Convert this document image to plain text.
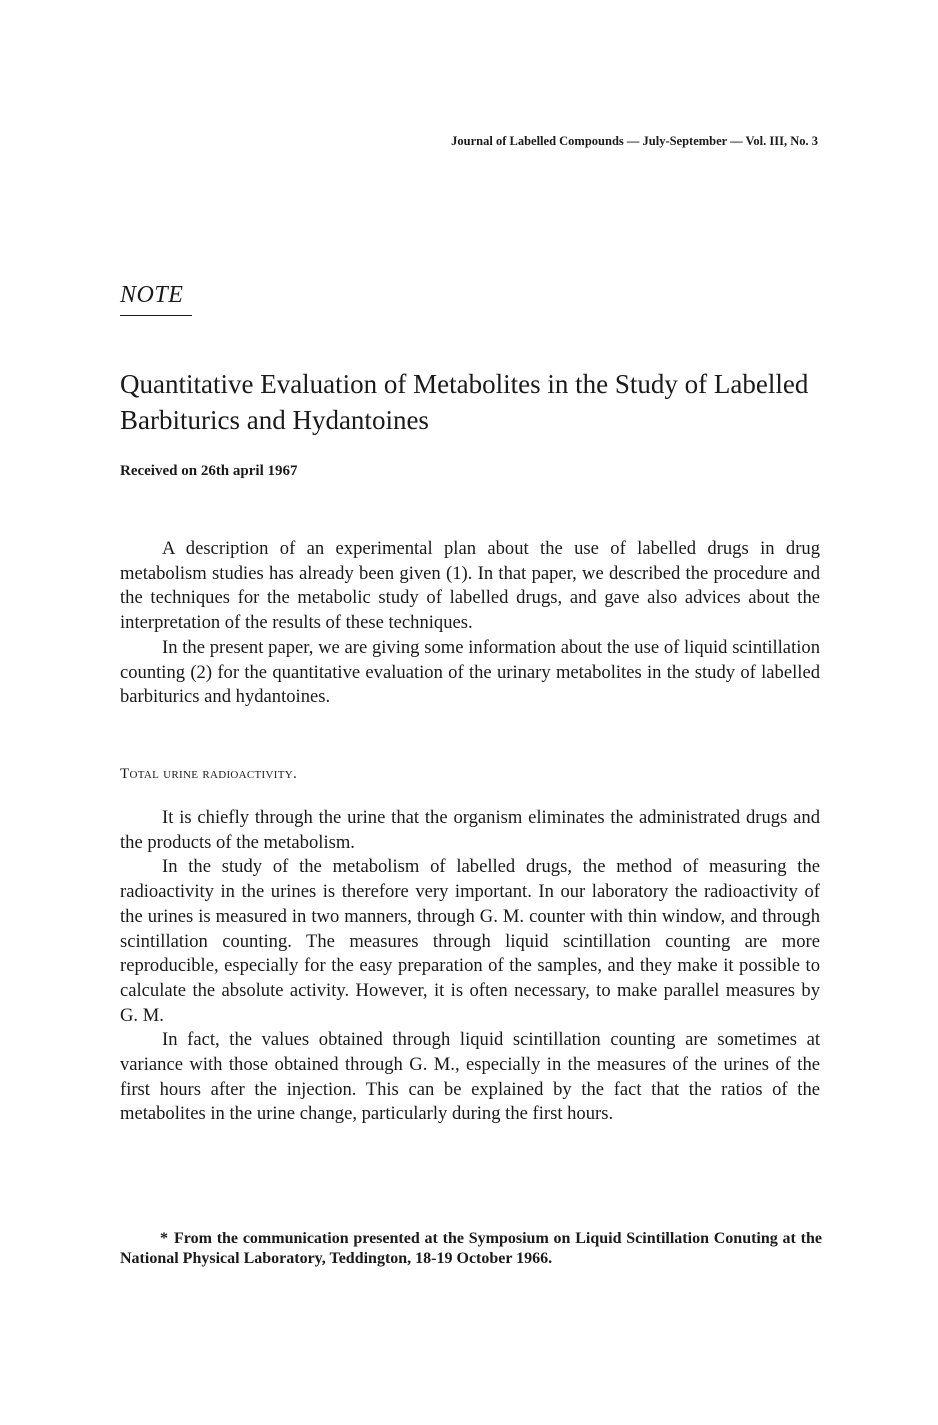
Journal of Labelled Compounds — July-September — Vol. III, No. 3
NOTE
Quantitative Evaluation of Metabolites in the Study of Labelled Barbiturics and Hydantoines
Received on 26th april 1967

A description of an experimental plan about the use of labelled drugs in drug metabolism studies has already been given (1). In that paper, we described the procedure and the techniques for the metabolic study of labelled drugs, and gave also advices about the interpretation of the results of these techniques.

In the present paper, we are giving some information about the use of liquid scintillation counting (2) for the quantitative evaluation of the urinary metabolites in the study of labelled barbiturics and hydantoines.

Total urine radioactivity.

It is chiefly through the urine that the organism eliminates the administrated drugs and the products of the metabolism.

In the study of the metabolism of labelled drugs, the method of measuring the radioactivity in the urines is therefore very important. In our laboratory the radioactivity of the urines is measured in two manners, through G. M. counter with thin window, and through scintillation counting. The measures through liquid scintillation counting are more reproducible, especially for the easy preparation of the samples, and they make it possible to calculate the absolute activity. However, it is often necessary, to make parallel measures by G. M.

In fact, the values obtained through liquid scintillation counting are sometimes at variance with those obtained through G. M., especially in the measures of the urines of the first hours after the injection. This can be explained by the fact that the ratios of the metabolites in the urine change, particularly during the first hours.

* From the communication presented at the Symposium on Liquid Scintillation Conuting at the National Physical Laboratory, Teddington, 18-19 October 1966.
